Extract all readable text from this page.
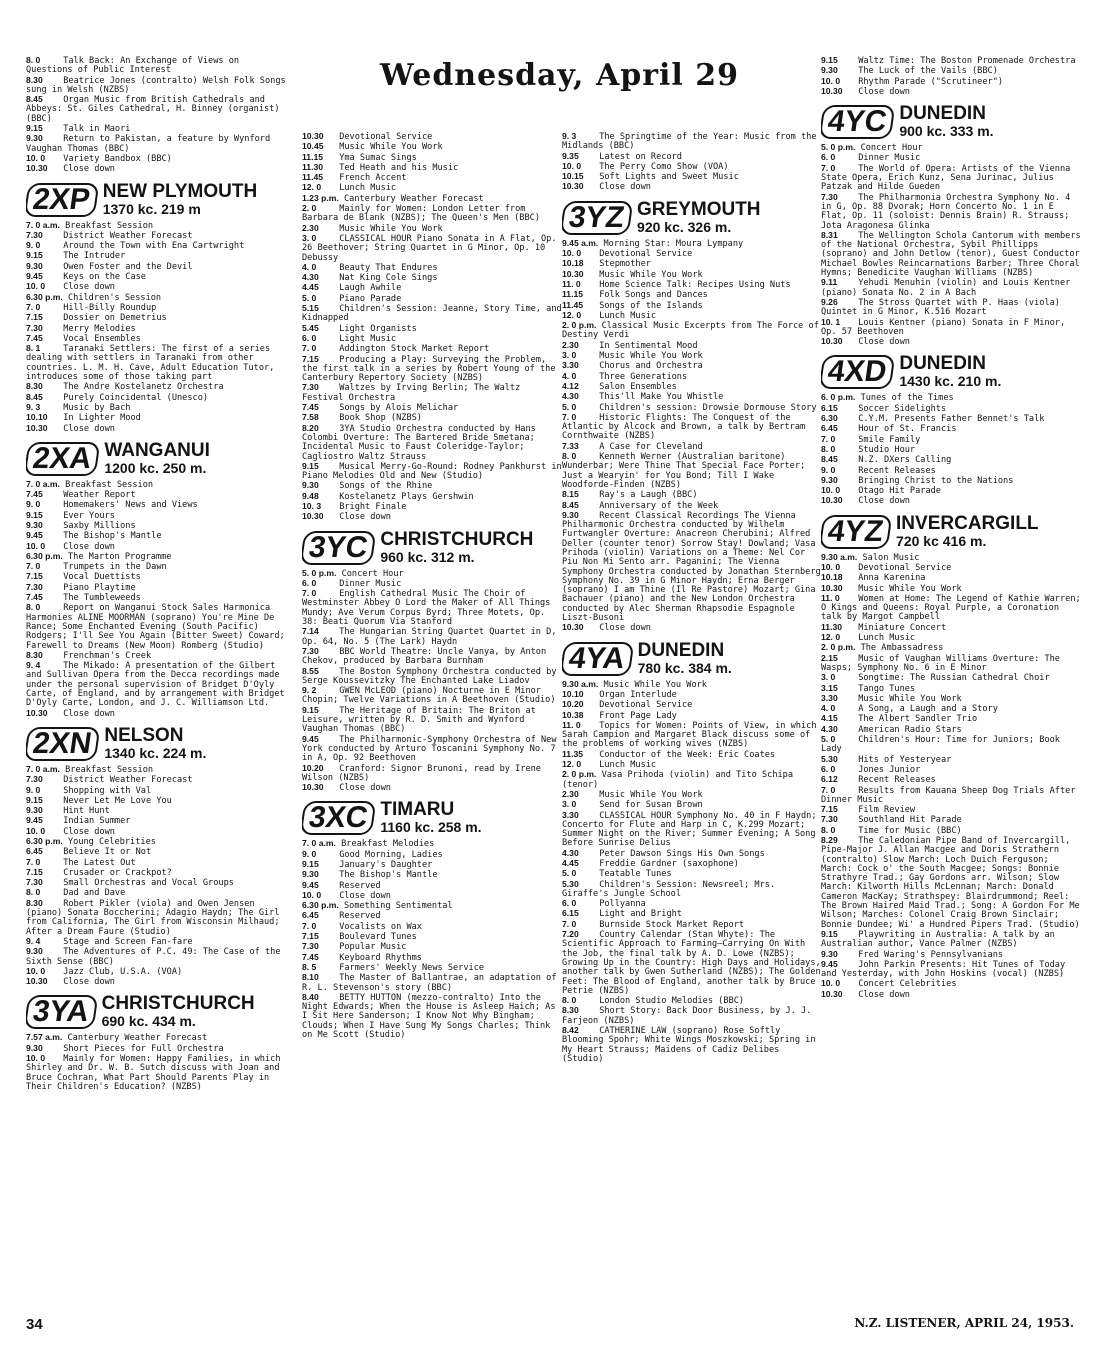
Wednesday, April 29
8. 0	Talk Back: An Exchange of Views on Questions of Public Interest
8.30 Beatrice Jones (contralto) Welsh Folk Songs sung in Welsh (NZBS)
8.45 Organ Music from British Cathedrals and Abbeys: St. Giles Cathedral, H. Binney (organist) (BBC)
9.15 Talk in Maori
9.30 Return to Pakistan, a feature by Wynford Vaughan Thomas (BBC)
10. 0 Variety Bandbox (BBC)
10.30 Close down
2XP NEW PLYMOUTH
1370 kc. 219 m
7. 0 a.m. Breakfast Session
7.30 District Weather Forecast
9. 0	Around the Town with Ena Cartwright
9.15 The Intruder
9.30 Owen Foster and the Devil
9.45 Keys on the Case
10. 0 Close down
6.30 p.m. Children's Session
7. 0	Hill-Billy Roundup
7.15 Dossier on Demetrius
7.30 Merry Melodies
7.45 Vocal Ensembles
8. 1	Taranaki Settlers: The first of a series dealing with settlers in Taranaki from other countries. L. M. H. Cave, Adult Education Tutor, introduces some of those taking part
8.30 The Andre Kostelanetz Orchestra
8.45 Purely Coincidental (Unesco)
9. 3	Music by Bach
10.10 In Lighter Mood
10.30 Close down
2XA WANGANUI
1200 kc. 250 m.
7. 0 a.m. Breakfast Session
7.45 Weather Report
9. 0	Homemakers' News and Views
9.15 Ever Yours
9.30 Saxby Millions
9.45 The Bishop's Mantle
10. 0 Close down
6.30 p.m. The Marton Programme
7. 0	Trumpets in the Dawn
7.15 Vocal Duettists
7.30 Piano Playtime
7.45 The Tumbleweeds
8. 0	Report on Wanganui Stock Sales Harmonica Harmonies ALINE MOORMAN (soprano) You're Mine De Rance; Some Enchanted Evening (South Pacific) Rodgers; I'll See You Again (Bitter Sweet) Coward; Farewell to Dreams (New Moon) Romberg (Studio)
8.30 Frenchman's Creek
9. 4	The Mikado: A presentation of the Gilbert and Sullivan Opera from the Decca recordings made under the personal supervision of Bridget D'Oyly Carte, of England, and by arrangement with Bridget D'Oyly Carte, London, and J. C. Williamson Ltd.
10.30 Close down
2XN NELSON
1340 kc. 224 m.
7. 0 a.m. Breakfast Session
7.30 District Weather Forecast
9. 0	Shopping with Val
9.15 Never Let Me Love You
9.30 Hint Hunt
9.45 Indian Summer
10. 0 Close down
6.30 p.m. Young Celebrities
6.45 Believe It or Not
7. 0	The Latest Out
7.15 Crusader or Crackpot?
7.30 Small Orchestras and Vocal Groups
8. 0	Dad and Dave
8.30 Robert Pikler (viola) and Owen Jensen (piano) Sonata Boccherini; Adagio Haydn; The Girl from California, The Girl from Wisconsin Milhaud; After a Dream Faure (Studio)
9. 4	Stage and Screen Fan-fare
9.30 The Adventures of P.C. 49: The Case of the Sixth Sense (BBC)
10. 0 Jazz Club, U.S.A. (VOA)
10.30 Close down
3YA CHRISTCHURCH
690 kc. 434 m.
7.57 a.m. Canterbury Weather Forecast
9.30 Short Pieces for Full Orchestra
10. 0 Mainly for Women: Happy Families, in which Shirley and Dr. W. B. Sutch discuss with Joan and Bruce Cochran, What Part Should Parents Play in Their Children's Education? (NZBS)
10.30 Devotional Service
10.45 Music While You Work
11.15 Yma Sumac Sings
11.30 Ted Heath and his Music
11.45 French Accent
12. 0 Lunch Music
1.23 p.m. Canterbury Weather Forecast
2. 0	Mainly for Women: London Letter from Barbara de Blank (NZBS); The Queen's Men (BBC)
2.30 Music While You Work
3. 0	CLASSICAL HOUR Piano Sonata in A Flat, Op. 26 Beethover; String Quartet in G Minor, Op. 10 Debussy
4. 0	Beauty That Endures
4.30 Nat King Cole Sings
4.45 Laugh Awhile
5. 0	Piano Parade
5.15 Children's Session: Jeanne, Story Time, and Kidnapped
5.45 Light Organists
6. 0	Light Music
7. 0	Addington Stock Market Report
7.15 Producing a Play: Surveying the Problem, the first talk in a series by Robert Young of the Canterbury Repertory Society (NZBS)
7.30 Waltzes by Irving Berlin; The Waltz Festival Orchestra
7.45 Songs by Alois Melichar
7.58 Book Shop (NZBS)
8.20 3YA Studio Orchestra conducted by Hans Colombi Overture: The Bartered Bride Smetana; Incidental Music to Faust Coleridge-Taylor; Cagliostro Waltz Strauss
9.15 Musical Merry-Go-Round: Rodney Pankhurst in Piano Melodies Old and New (Studio)
9.30 Songs of the Rhine
9.48 Kostelanetz Plays Gershwin
10. 3 Bright Finale
10.30 Close down
3YC CHRISTCHURCH
960 kc. 312 m.
5. 0 p.m. Concert Hour
6. 0	Dinner Music
7. 0	English Cathedral Music The Choir of Westminster Abbey O Lord the Maker of All Things Mundy; Ave Verum Corpus Byrd; Three Motets, Op. 38: Beati Quorum Via Stanford
7.14 The Hungarian String Quartet Quartet in D, Op. 64, No. 5 (The Lark) Haydn
7.30 BBC World Theatre: Uncle Vanya, by Anton Chekov, produced by Barbara Burnham
8.55 The Boston Symphony Orchestra conducted by Serge Koussevitzky The Enchanted Lake Liadov
9. 2	GWEN McLEOD (piano) Nocturne in E Minor Chopin; Twelve Variations in A Beethoven (Studio)
9.15 The Heritage of Britain: The Briton at Leisure, written by R. D. Smith and Wynford Vaughan Thomas (BBC)
9.45 The Philharmonic-Symphony Orchestra of New York conducted by Arturo Toscanini Symphony No. 7 in A, Op. 92 Beethoven
10.20 Cranford: Signor Brunoni, read by Irene Wilson (NZBS)
10.30 Close down
3XC TIMARU
1160 kc. 258 m.
7. 0 a.m. Breakfast Melodies
9. 0	Good Morning, Ladies
9.15 January's Daughter
9.30 The Bishop's Mantle
9.45 Reserved
10. 0 Close down
6.30 p.m. Something Sentimental
6.45 Reserved
7. 0	Vocalists on Wax
7.15 Boulevard Tunes
7.30 Popular Music
7.45 Keyboard Rhythms
8. 5	Farmers' Weekly News Service
8.10 The Master of Ballantrae, an adaptation of R. L. Stevenson's story (BBC)
8.40 BETTY HUTTON (mezzo-contralto) Into the Night Edwards; When the House is Asleep Haich; As I Sit Here Sanderson; I Know Not Why Bingham; Clouds; When I Have Sung My Songs Charles; Think on Me Scott (Studio)
9. 3	The Springtime of the Year: Music from the Midlands (BBC)
9.35 Latest on Record
10. 0 The Perry Como Show (VOA)
10.15 Soft Lights and Sweet Music
10.30 Close down
3YZ GREYMOUTH
920 kc. 326 m.
9.45 a.m. Morning Star: Moura Lympany
10. 0 Devotional Service
10.18 Stepmother
10.30 Music While You Work
11. 0 Home Science Talk: Recipes Using Nuts
11.15 Folk Songs and Dances
11.45 Songs of the Islands
12. 0 Lunch Music
2. 0 p.m. Classical Music Excerpts from The Force of Destiny Verdi
2.30 In Sentimental Mood
3. 0	Music While You Work
3.30 Chorus and Orchestra
4. 0	Three Generations
4.12 Salon Ensembles
4.30 This'll Make You Whistle
5. 0	Children's session: Drowsie Dormouse Story
7. 0	Historic Flights: The Conquest of the Atlantic by Alcock and Brown, a talk by Bertram Cornthwaite (NZBS)
7.33 A Case for Cleveland
8. 0	Kenneth Werner (Australian baritone) Wunderbar; Were Thine That Special Face Porter; Just a Wearyin' for You Bond; Till I Wake Woodforde-Finden (NZBS)
8.15 Ray's a Laugh (BBC)
8.45 Anniversary of the Week
9.30 Recent Classical Recordings The Vienna Philharmonic Orchestra conducted by Wilhelm Furtwangler Overture: Anacreon Cherubini; Alfred Deller (counter tenor) Sorrow Stay! Dowland; Vasa Prihoda (violin) Variations on a Theme: Nel Cor Piu Non Mi Sento arr. Paganini; The Vienna Symphony Orchestra conducted by Jonathan Sternberg Symphony No. 39 in G Minor Haydn; Erna Berger (soprano) I am Thine (Il Re Pastore) Mozart; Gina Bachauer (piano) and the New London Orchestra conducted by Alec Sherman Rhapsodie Espagnole Liszt-Busoni
10.30 Close down
4YA DUNEDIN
780 kc. 384 m.
9.30 a.m. Music While You Work
10.10 Organ Interlude
10.20 Devotional Service
10.38 Front Page Lady
11. 0 Topics for Women: Points of View, in which Sarah Campion and Margaret Black discuss some of the problems of working wives (NZBS)
11.35 Conductor of the Week: Eric Coates
12. 0 Lunch Music
2. 0 p.m. Vasa Prihoda (violin) and Tito Schipa (tenor)
2.30 Music While You Work
3. 0	Send for Susan Brown
3.30 CLASSICAL HOUR Symphony No. 40 in F Haydn; Concerto for Flute and Harp in C, K.299 Mozart; Summer Night on the River; Summer Evening; A Song Before Sunrise Delius
4.30 Peter Dawson Sings His Own Songs
4.45 Freddie Gardner (saxophone)
5. 0	Teatable Tunes
5.30 Children's Session: Newsreel; Mrs. Giraffe's Jungle School
6. 0	Pollyanna
6.15 Light and Bright
7. 0	Burnside Stock Market Report
7.20 Country Calendar (Stan Whyte): The Scientific Approach to Farming—Carrying On With the Job, the final talk by A. D. Lowe (NZBS); Growing Up in the Country: High Days and Holidays, another talk by Gwen Sutherland (NZBS); The Golden Feet: The Blood of England, another talk by Bruce Petrie (NZBS)
8. 0	London Studio Melodies (BBC)
8.30 Short Story: Back Door Business, by J. J. Farjeon (NZBS)
8.42 CATHERINE LAW (soprano) Rose Softly Blooming Spohr; White Wings Moszkowski; Spring in My Heart Strauss; Maidens of Cadiz Delibes (Studio)
9.15 Waltz Time: The Boston Promenade Orchestra
9.30 The Luck of the Vails (BBC)
10. 0 Rhythm Parade ("Scrutineer")
10.30 Close down
4YC DUNEDIN
900 kc. 333 m.
5. 0 p.m. Concert Hour
6. 0	Dinner Music
7. 0	The World of Opera: Artists of the Vienna State Opera, Erich Kunz, Sena Jurinac, Julius Patzak and Hilde Gueden
7.30 The Philharmonia Orchestra Symphony No. 4 in G, Op. 88 Dvorak; Horn Concerto No. 1 in E Flat, Op. 11 (soloist: Dennis Brain) R. Strauss; Jota Aragonesa Glinka
8.31 The Wellington Schola Cantorum with members of the National Orchestra, Sybil Phillipps (soprano) and John Detlow (tenor), Guest Conductor Michael Bowles Reincarnations Barber; Three Choral Hymns; Benedicite Vaughan Williams (NZBS)
9.11 Yehudi Menuhin (violin) and Louis Kentner (piano) Sonata No. 2 in A Bach
9.26 The Stross Quartet with P. Haas (viola) Quintet in G Minor, K.516 Mozart
10. 1 Louis Kentner (piano) Sonata in F Minor, Op. 57 Beethoven
10.30 Close down
4XD DUNEDIN
1430 kc. 210 m.
6. 0 p.m. Tunes of the Times
6.15 Soccer Sidelights
6.30 C.Y.M. Presents Father Bennet's Talk
6.45 Hour of St. Francis
7. 0	Smile Family
8. 0	Studio Hour
8.45 N.Z. DXers Calling
9. 0	Recent Releases
9.30 Bringing Christ to the Nations
10. 0 Otago Hit Parade
10.30 Close down
4YZ INVERCARGILL
720 kc 416 m.
9.30 a.m. Salon Music
10. 0 Devotional Service
10.18 Anna Karenina
10.30 Music While You Work
11. 0 Women at Home: The Legend of Kathie Warren; O Kings and Queens: Royal Purple, a Coronation talk by Margot Campbell
11.30 Miniature Concert
12. 0 Lunch Music
2. 0 p.m. The Ambassadress
2.15 Music of Vaughan Williams Overture: The Wasps; Symphony No. 6 in E Minor
3. 0	Songtime: The Russian Cathedral Choir
3.15 Tango Tunes
3.30 Music While You Work
4. 0	A Song, a Laugh and a Story
4.15 The Albert Sandler Trio
4.30 American Radio Stars
5. 0	Children's Hour: Time for Juniors; Book Lady
5.30 Hits of Yesteryear
6. 0	Jones Junior
6.12 Recent Releases
7. 0	Results from Kauana Sheep Dog Trials After Dinner Music
7.15 Film Review
7.30 Southland Hit Parade
8. 0	Time for Music (BBC)
8.29 The Caledonian Pipe Band of Invercargill, Pipe-Major J. Allan Macgee and Doris Strathern (contralto) Slow March: Loch Duich Ferguson; March: Cock o' the South Macgee; Songs: Bonnie Strathyre Trad.; Gay Gordons arr. Wilson; Slow March: Kilworth Hills McLennan; March: Donald Cameron MacKay; Strathspey: Blairdrummond; Reel: The Brown Haired Maid Trad.; Song: A Gordon For Me Wilson; Marches: Colonel Craig Brown Sinclair; Bonnie Dundee; Wi' a Hundred Pipers Trad. (Studio)
9.15 Playwriting in Australia: A talk by an Australian author, Vance Palmer (NZBS)
9.30 Fred Waring's Pennsylvanians
9.45 John Parkin Presents: Hit Tunes of Today and Yesterday, with John Hoskins (vocal) (NZBS)
10. 0 Concert Celebrities
10.30 Close down
34	N.Z. LISTENER, APRIL 24, 1953.
